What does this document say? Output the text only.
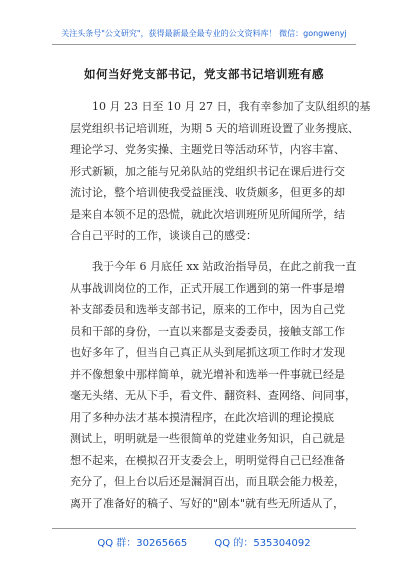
关注头条号"公文研究"，获得最新最全最专业的公文资料库！ 微信：gongwenyj
如何当好党支部书记，党支部书记培训班有感
10 月 23 日至 10 月 27 日，我有幸参加了支队组织的基
层党组织书记培训班，为期 5 天的培训班设置了业务搜底、
理论学习、党务实操、主题党日等活动环节，内容丰富、
形式新颖，加之能与兄弟队站的党组织书记在课后进行交
流讨论，整个培训使我受益匪浅、收货颇多，但更多的却
是来自本领不足的恐慌，就此次培训班所见所闻所学，结
合自己平时的工作，谈谈自己的感受：
我于今年 6 月底任 xx 站政治指导员，在此之前我一直
从事战训岗位的工作，正式开展工作遇到的第一件事是增
补支部委员和选举支部书记，原来的工作中，因为自己党
员和干部的身份，一直以来都是支委委员，接触支部工作
也好多年了，但当自己真正从头到尾抓这项工作时才发现
并不像想象中那样简单，就光增补和选举一件事就已经是
毫无头绪、无从下手，看文件、翻资料、查网络、问同事，
用了多种办法才基本摸清程序，在此次培训的理论摸底
测试上，明明就是一些很简单的党建业务知识，自己就是
想不起来，在模拟召开支委会上，明明觉得自己已经准备
充分了，但上台以后还是漏洞百出，而且联会能力极差，
离开了准备好的稿子、写好的"剧本"就有些无所适从了，
QQ 群：30265665	QQ 的：535304092
